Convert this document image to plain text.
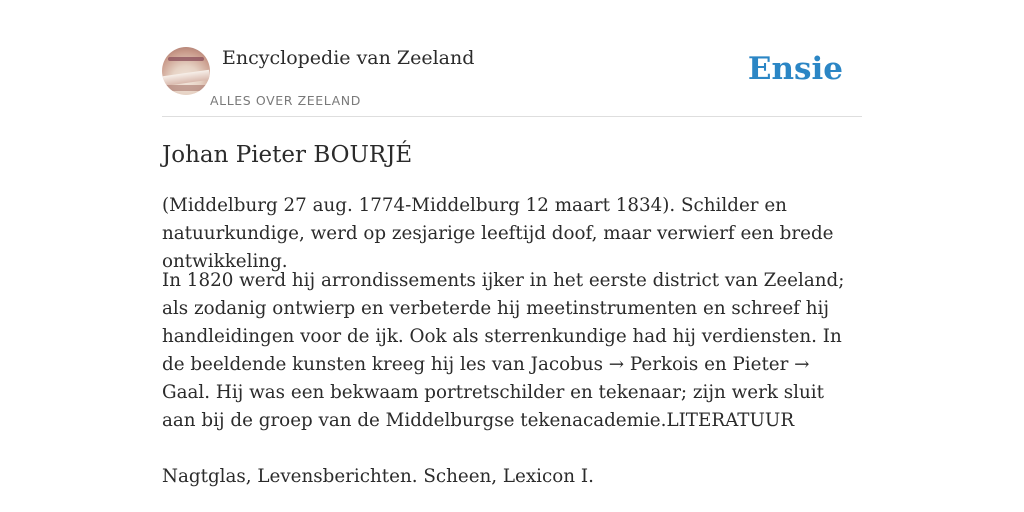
Encyclopedie van Zeeland
ALLES OVER ZEELAND
Ensie
Johan Pieter BOURJÉ

(Middelburg 27 aug. 1774-Middelburg 12 maart 1834). Schilder en natuurkundige, werd op zesjarige leeftijd doof, maar verwierf een brede ontwikkeling.

In 1820 werd hij arrondissements ijker in het eerste district van Zeeland; als zodanig ontwierp en verbeterde hij meetinstrumenten en schreef hij handleidingen voor de ijk. Ook als sterrenkundige had hij verdiensten. In de beeldende kunsten kreeg hij les van Jacobus → Perkois en Pieter → Gaal. Hij was een bekwaam portretschilder en tekenaar; zijn werk sluit aan bij de groep van de Middelburgse tekenacademie.LITERATUUR

Nagtglas, Levensberichten. Scheen, Lexicon I.
